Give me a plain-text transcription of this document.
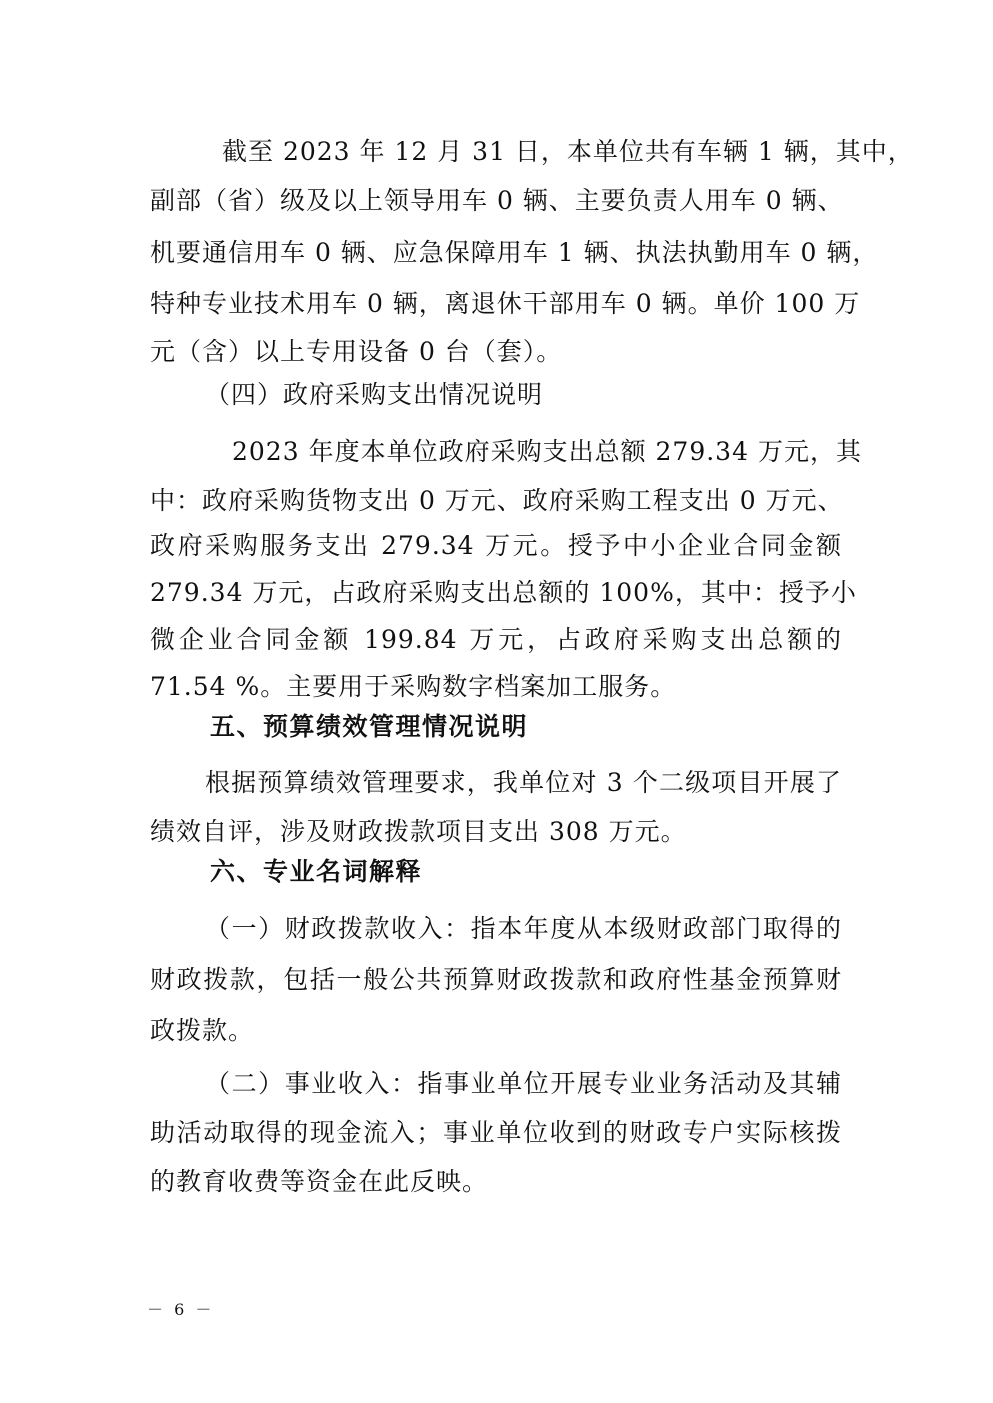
截至 2023 年 12 月 31 日，本单位共有车辆 1 辆，其中，
副部（省）级及以上领导用车 0 辆、主要负责人用车 0 辆、
机要通信用车 0 辆、应急保障用车 1 辆、执法执勤用车 0 辆，
特种专业技术用车 0 辆，离退休干部用车 0 辆。单价 100 万
元（含）以上专用设备 0 台（套）。
（四）政府采购支出情况说明
2023 年度本单位政府采购支出总额 279.34 万元，其
中：政府采购货物支出 0 万元、政府采购工程支出 0 万元、
政府采购服务支出 279.34 万元。授予中小企业合同金额
279.34 万元，占政府采购支出总额的 100%，其中：授予小
微企业合同金额 199.84 万元，占政府采购支出总额的
71.54 %。主要用于采购数字档案加工服务。
五、预算绩效管理情况说明
根据预算绩效管理要求，我单位对 3 个二级项目开展了
绩效自评，涉及财政拨款项目支出 308 万元。
六、专业名词解释
（一）财政拨款收入：指本年度从本级财政部门取得的
财政拨款，包括一般公共预算财政拨款和政府性基金预算财
政拨款。
（二）事业收入：指事业单位开展专业业务活动及其辅
助活动取得的现金流入；事业单位收到的财政专户实际核拨
的教育收费等资金在此反映。
－ 6 －
